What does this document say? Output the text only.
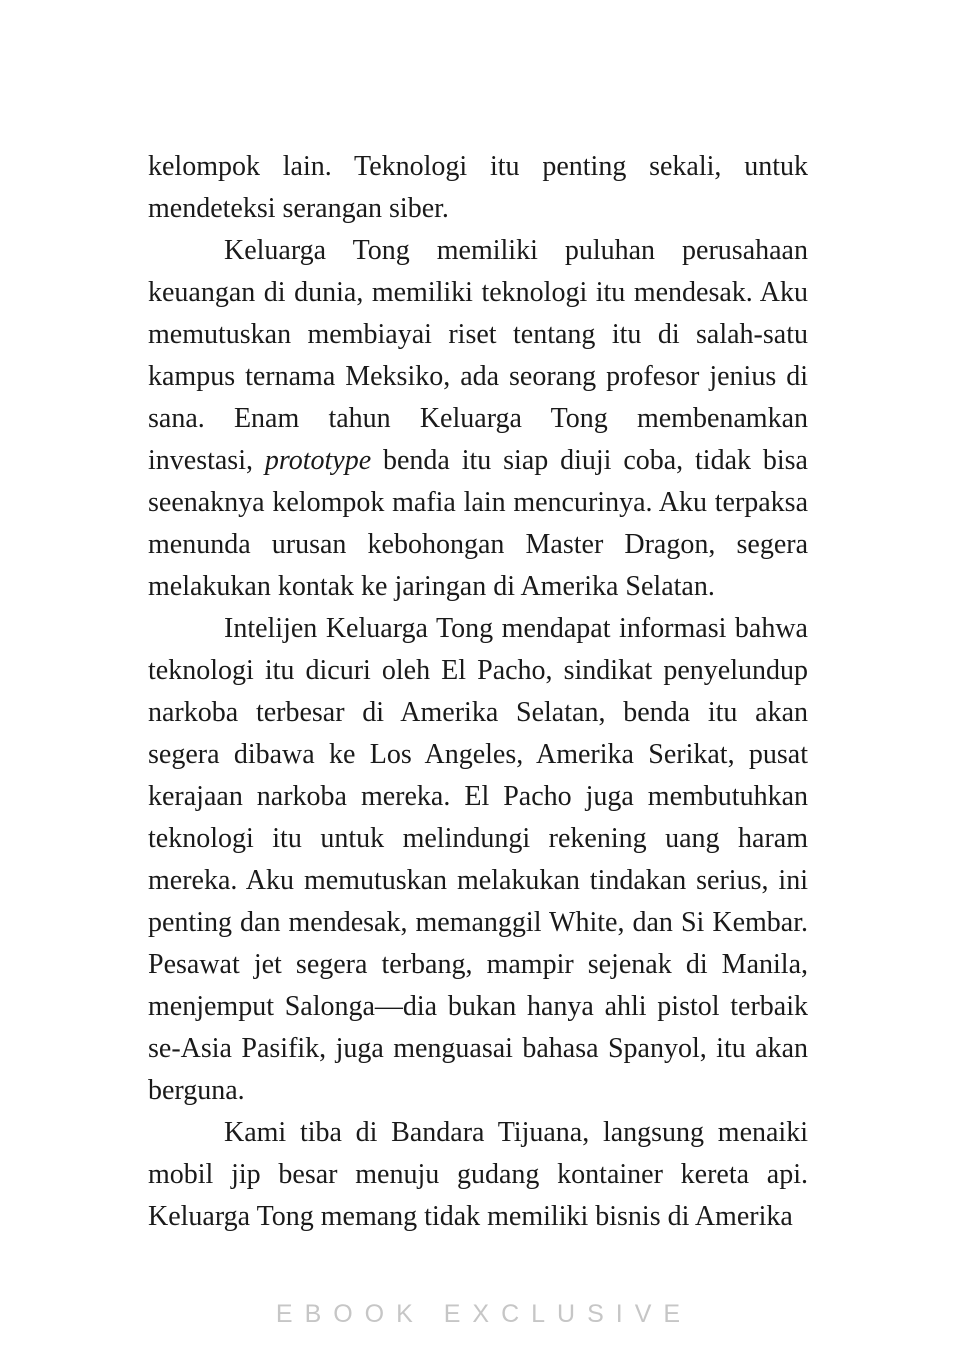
kelompok lain. Teknologi itu penting sekali, untuk mendeteksi serangan siber.

Keluarga Tong memiliki puluhan perusahaan keuangan di dunia, memiliki teknologi itu mendesak. Aku memutuskan membiayai riset tentang itu di salah-satu kampus ternama Meksiko, ada seorang profesor jenius di sana. Enam tahun Keluarga Tong membenamkan investasi, prototype benda itu siap diuji coba, tidak bisa seenaknya kelompok mafia lain mencurinya. Aku terpaksa menunda urusan kebohongan Master Dragon, segera melakukan kontak ke jaringan di Amerika Selatan.

Intelijen Keluarga Tong mendapat informasi bahwa teknologi itu dicuri oleh El Pacho, sindikat penyelundup narkoba terbesar di Amerika Selatan, benda itu akan segera dibawa ke Los Angeles, Amerika Serikat, pusat kerajaan narkoba mereka. El Pacho juga membutuhkan teknologi itu untuk melindungi rekening uang haram mereka. Aku memutuskan melakukan tindakan serius, ini penting dan mendesak, memanggil White, dan Si Kembar. Pesawat jet segera terbang, mampir sejenak di Manila, menjemput Salonga—dia bukan hanya ahli pistol terbaik se-Asia Pasifik, juga menguasai bahasa Spanyol, itu akan berguna.

Kami tiba di Bandara Tijuana, langsung menaiki mobil jip besar menuju gudang kontainer kereta api. Keluarga Tong memang tidak memiliki bisnis di Amerika

EBOOK EXCLUSIVE
